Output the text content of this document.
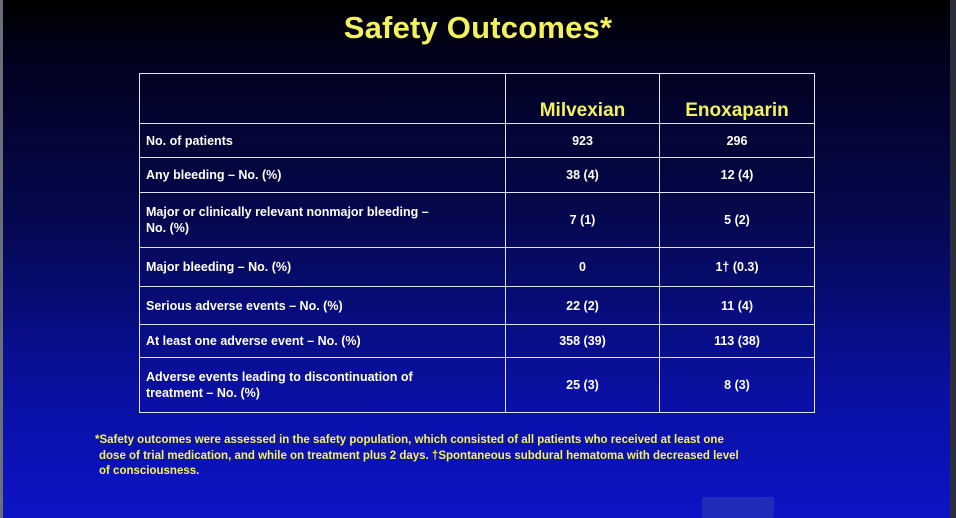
Safety Outcomes*
	Milvexian	Enoxaparin
No. of patients	923	296
Any bleeding – No. (%)	38 (4)	12 (4)

Major or clinically relevant nonmajor bleeding –
No. (%)	7 (1)	5 (2)
Major bleeding – No. (%)	0	1† (0.3)
Serious adverse events – No. (%)	22 (2)	11 (4)
At least one adverse event – No. (%)	358 (39)	113 (38)

Adverse events leading to discontinuation of
treatment – No. (%)	25 (3)	8 (3)
*Safety outcomes were assessed in the safety population, which consisted of all patients who received at least one
dose of trial medication, and while on treatment plus 2 days. †Spontaneous subdural hematoma with decreased level
of consciousness.
